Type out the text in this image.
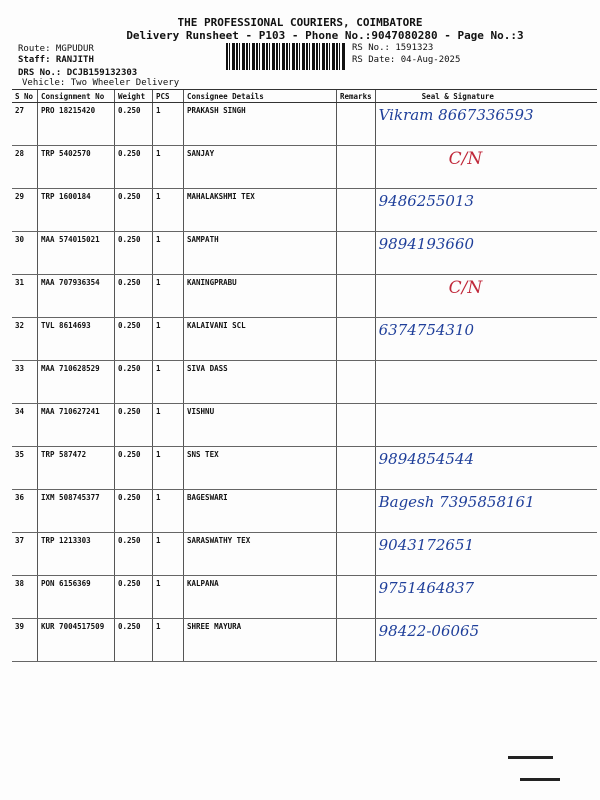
THE PROFESSIONAL COURIERS, COIMBATORE
Delivery Runsheet - P103 - Phone No.:9047080280 - Page No.:3
Route: MGPUDUR
Staff: RANJITH
DRS No.: DCJB159132303
Vehicle: Two Wheeler Delivery
RS No.: 1591323
RS Date: 04-Aug-2025
S No	Consignment No	Weight	PCS	Consignee Details	Remarks	Seal & Signature
27	PRO 18215420	0.250	1	PRAKASH SINGH		Vikram 8667336593

28	TRP 5402570	0.250	1	SANJAY		C/N

29	TRP 1600184	0.250	1	MAHALAKSHMI TEX		9486255013

30	MAA 574015021	0.250	1	SAMPATH		9894193660

31	MAA 707936354	0.250	1	KANINGPRABU		C/N

32	TVL 8614693	0.250	1	KALAIVANI SCL		6374754310

33	MAA 710628529	0.250	1	SIVA DASS		

34	MAA 710627241	0.250	1	VISHNU		

35	TRP 587472	0.250	1	SNS TEX		9894854544

36	IXM 508745377	0.250	1	BAGESWARI		Bagesh 7395858161

37	TRP 1213303	0.250	1	SARASWATHY TEX		9043172651

38	PON 6156369	0.250	1	KALPANA		9751464837

39	KUR 7004517509	0.250	1	SHREE MAYURA		98422-06065
